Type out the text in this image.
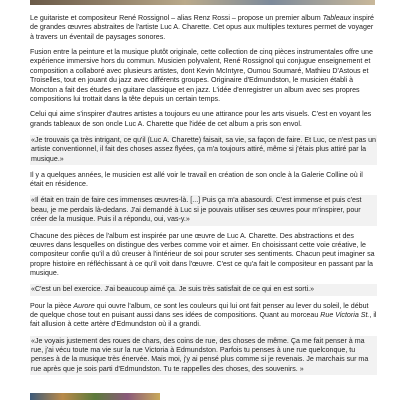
Le guitariste et compositeur René Rossignol – alias Renz Rossi – propose un premier album Tableaux inspiré de grandes œuvres abstraites de l'artiste Luc A. Charette. Cet opus aux multiples textures permet de voyager à travers un éventail de paysages sonores.

Fusion entre la peinture et la musique plutôt originale, cette collection de cinq pièces instrumentales offre une expérience immersive hors du commun. Musicien polyvalent, René Rossignol qui conjugue enseignement et composition a collaboré avec plusieurs artistes, dont Kevin McIntyre, Oumou Soumaré, Mathieu D'Astous et Troiselles, tout en jouant du jazz avec différents groupes. Originaire d'Edmundston, le musicien établi à Moncton a fait des études en guitare classique et en jazz. L'idée d'enregistrer un album avec ses propres compositions lui trottait dans la tête depuis un certain temps.

Celui qui aime s'inspirer d'autres artistes a toujours eu une attirance pour les arts visuels. C'est en voyant les grands tableaux de son oncle Luc A. Charette que l'idée de cet album a pris son envol.

«Je trouvais ça très intrigant, ce qu'il (Luc A. Charette) faisait, sa vie, sa façon de faire. Et Luc, ce n'est pas un artiste conventionnel, il fait des choses assez flyées, ça m'a toujours attiré, même si j'étais plus attiré par la musique.»

Il y a quelques années, le musicien est allé voir le travail en création de son oncle à la Galerie Colline où il était en résidence.

«Il était en train de faire ces immenses œuvres-là. [...] Puis ça m'a abasourdi. C'est immense et puis c'est beau, je me perdais là-dedans. J'ai demandé à Luc si je pouvais utiliser ses œuvres pour m'inspirer, pour créer de la musique. Puis il a répondu, oui, vas-y.»

Chacune des pièces de l'album est inspirée par une œuvre de Luc A. Charette. Des abstractions et des œuvres dans lesquelles on distingue des verbes comme voir et aimer. En choisissant cette voie créative, le compositeur confie qu'il a dû creuser à l'intérieur de soi pour scruter ses sentiments. Chacun peut imaginer sa propre histoire en réfléchissant à ce qu'il voit dans l'œuvre. C'est ce qu'a fait le compositeur en passant par la musique.

«C'est un bel exercice. J'ai beaucoup aimé ça. Je suis très satisfait de ce qui en est sorti.»

Pour la pièce Aurore qui ouvre l'album, ce sont les couleurs qui lui ont fait penser au lever du soleil, le début de quelque chose tout en puisant aussi dans ses idées de compositions. Quant au morceau Rue Victoria St., il fait allusion à cette artère d'Edmundston où il a grandi.

«Je voyais justement des roues de chars, des coins de rue, des choses de même. Ça me fait penser à ma rue, j'ai vécu toute ma vie sur la rue Victoria à Edmundston. Parfois tu penses à une rue quelconque, tu penses à de la musique très énervée. Mais moi, j'y ai pensé plus comme si je revenais. Je marchais sur ma rue après que je sois parti d'Edmundston. Tu te rappelles des choses, des souvenirs. »
